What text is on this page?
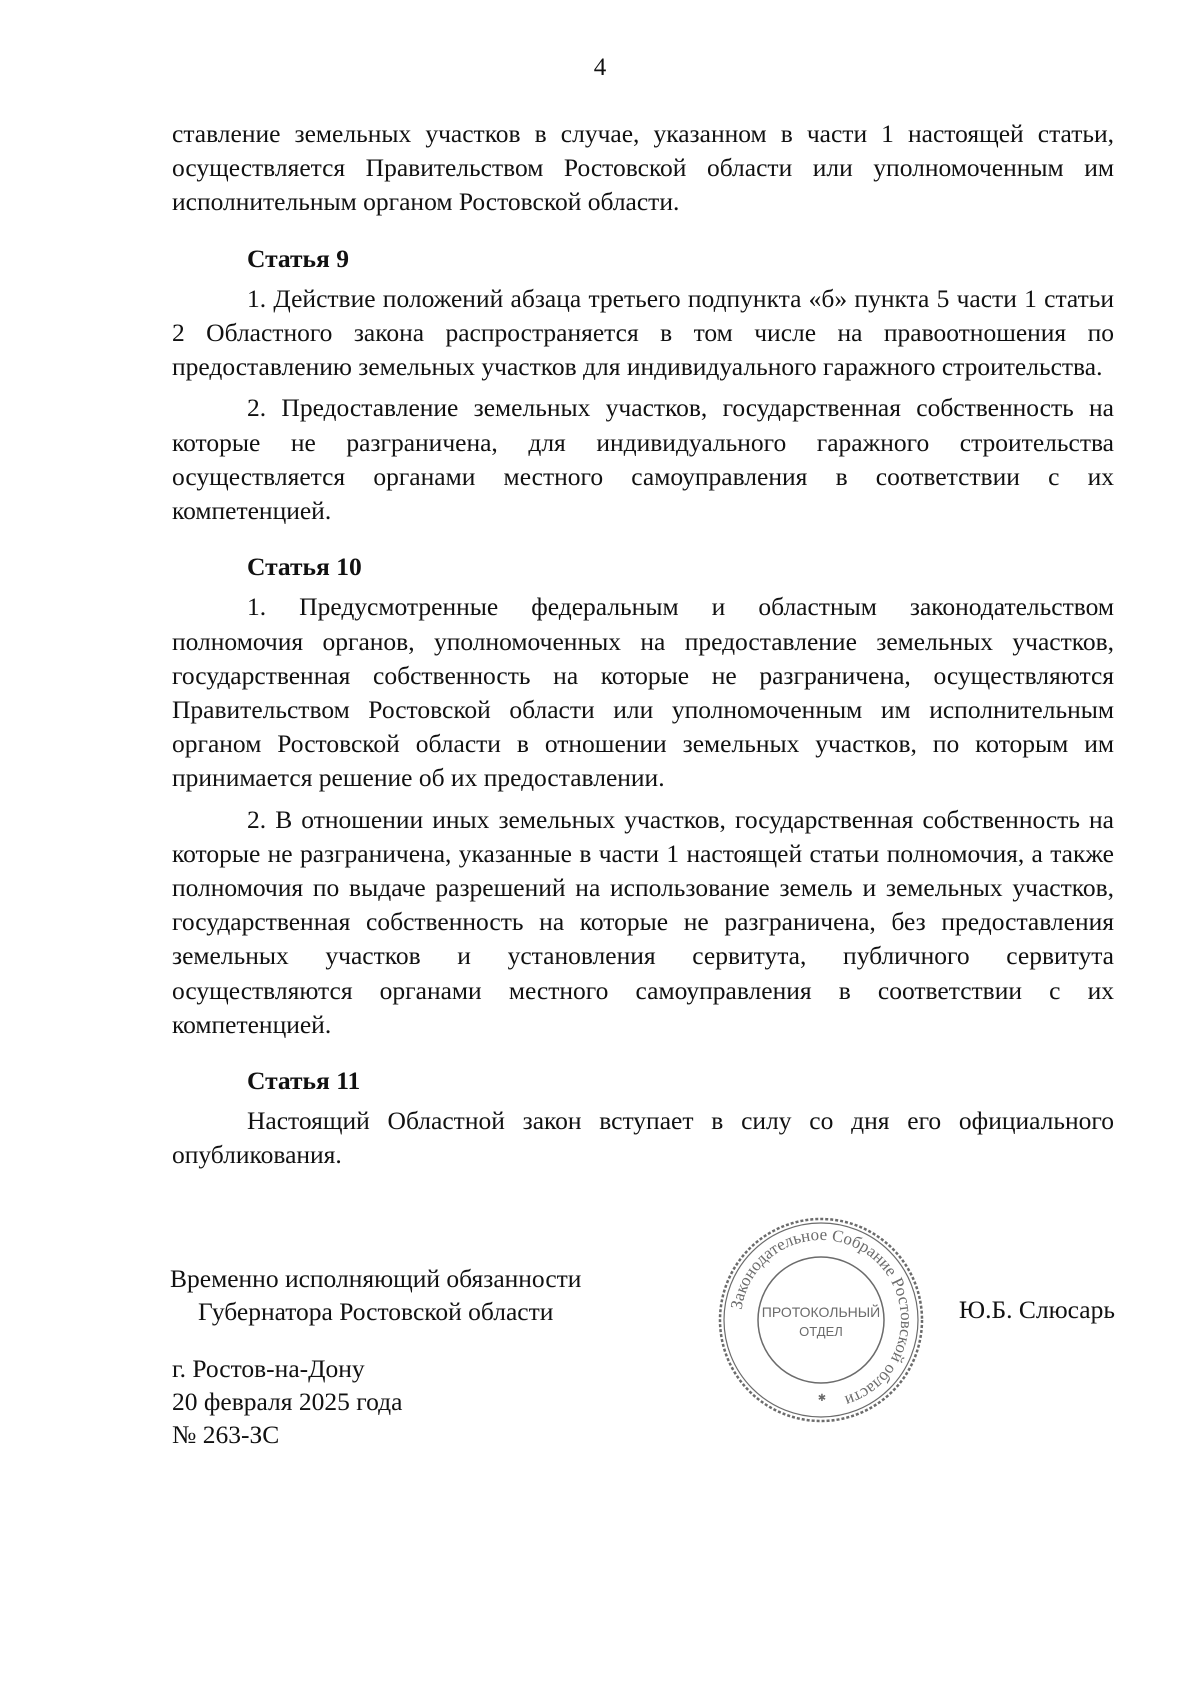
4

ставление земельных участков в случае, указанном в части 1 настоящей статьи, осуществляется Правительством Ростовской области или уполномоченным им исполнительным органом Ростовской области.

Статья 9

1. Действие положений абзаца третьего подпункта «б» пункта 5 части 1 статьи 2 Областного закона распространяется в том числе на правоотношения по предоставлению земельных участков для индивидуального гаражного строительства.

2. Предоставление земельных участков, государственная собственность на которые не разграничена, для индивидуального гаражного строительства осуществляется органами местного самоуправления в соответствии с их компетенцией.

Статья 10

1. Предусмотренные федеральным и областным законодательством полномочия органов, уполномоченных на предоставление земельных участков, государственная собственность на которые не разграничена, осуществляются Правительством Ростовской области или уполномоченным им исполнительным органом Ростовской области в отношении земельных участков, по которым им принимается решение об их предоставлении.

2. В отношении иных земельных участков, государственная собственность на которые не разграничена, указанные в части 1 настоящей статьи полномочия, а также полномочия по выдаче разрешений на использование земель и земельных участков, государственная собственность на которые не разграничена, без предоставления земельных участков и установления сервитута, публичного сервитута осуществляются органами местного самоуправления в соответствии с их компетенцией.

Статья 11

Настоящий Областной закон вступает в силу со дня его официального опубликования.

Временно исполняющий обязанности
Губернатора Ростовской области	Законодательное Собрание Ростовской области
ПРОТОКОЛЬНЫЙ
ОТДЕЛ
✱
Ю.Б. Слюсарь
г. Ростов-на-Дону
20 февраля 2025 года
№ 263-ЗС
